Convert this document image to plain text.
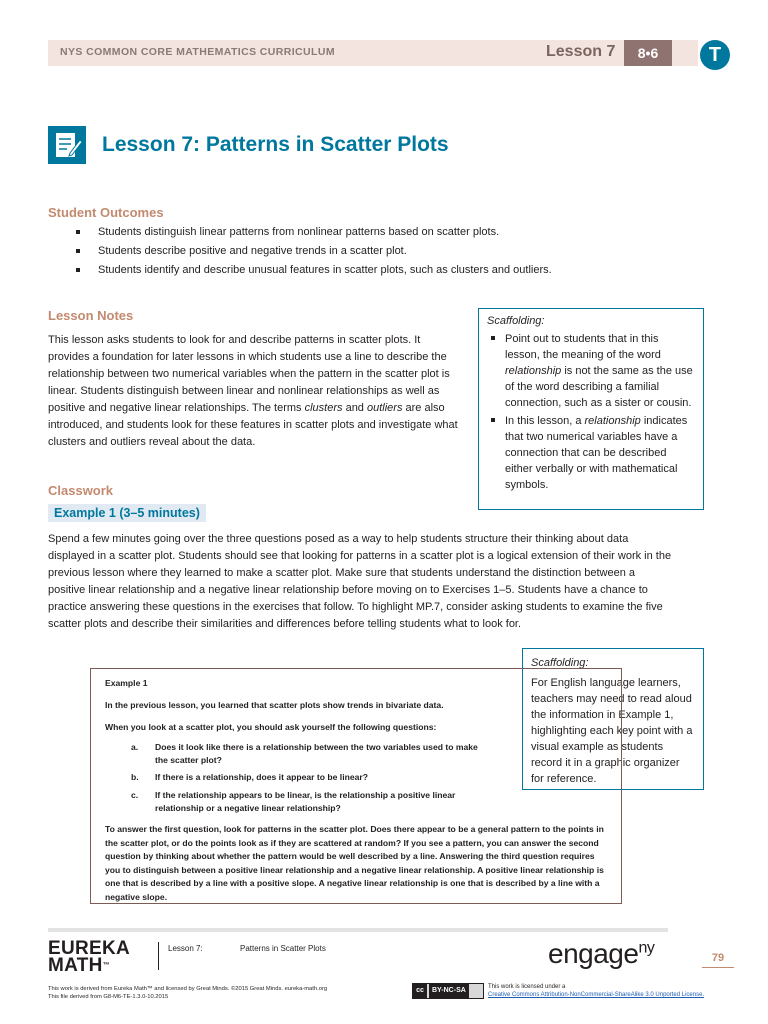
NYS COMMON CORE MATHEMATICS CURRICULUM	Lesson 7	8•6	T
Lesson 7: Patterns in Scatter Plots
Student Outcomes
Students distinguish linear patterns from nonlinear patterns based on scatter plots.
Students describe positive and negative trends in a scatter plot.
Students identify and describe unusual features in scatter plots, such as clusters and outliers.
Lesson Notes
This lesson asks students to look for and describe patterns in scatter plots. It provides a foundation for later lessons in which students use a line to describe the relationship between two numerical variables when the pattern in the scatter plot is linear. Students distinguish between linear and nonlinear relationships as well as positive and negative linear relationships. The terms clusters and outliers are also introduced, and students look for these features in scatter plots and investigate what clusters and outliers reveal about the data.
Scaffolding:
Point out to students that in this lesson, the meaning of the word relationship is not the same as the use of the word describing a familial connection, such as a sister or cousin.
In this lesson, a relationship indicates that two numerical variables have a connection that can be described either verbally or with mathematical symbols.
Classwork
Example 1 (3–5 minutes)
Spend a few minutes going over the three questions posed as a way to help students structure their thinking about data displayed in a scatter plot. Students should see that looking for patterns in a scatter plot is a logical extension of their work in the previous lesson where they learned to make a scatter plot. Make sure that students understand the distinction between a positive linear relationship and a negative linear relationship before moving on to Exercises 1–5. Students have a chance to practice answering these questions in the exercises that follow. To highlight MP.7, consider asking students to examine the five scatter plots and describe their similarities and differences before telling students what to look for.
Scaffolding:
For English language learners, teachers may need to read aloud the information in Example 1, highlighting each key point with a visual example as students record it in a graphic organizer for reference.

Example 1

In the previous lesson, you learned that scatter plots show trends in bivariate data.

When you look at a scatter plot, you should ask yourself the following questions:

a. Does it look like there is a relationship between the two variables used to make the scatter plot?
b. If there is a relationship, does it appear to be linear?
c. If the relationship appears to be linear, is the relationship a positive linear relationship or a negative linear relationship?

To answer the first question, look for patterns in the scatter plot. Does there appear to be a general pattern to the points in the scatter plot, or do the points look as if they are scattered at random? If you see a pattern, you can answer the second question by thinking about whether the pattern would be well described by a line. Answering the third question requires you to distinguish between a positive linear relationship and a negative linear relationship. A positive linear relationship is one that is described by a line with a positive slope. A negative linear relationship is one that is described by a line with a negative slope.

EUREKA
MATH™
Lesson 7:	Patterns in Scatter Plots	engage$^{ny}$
79
This work is derived from Eureka Math™ and licensed by Great Minds. ©2015 Great Minds. eureka-math.org
This file derived from G8-M6-TE-1.3.0-10.2015
cc BY-NC-SA	This work is licensed under a
Creative Commons Attribution-NonCommercial-ShareAlike 3.0 Unported License.
